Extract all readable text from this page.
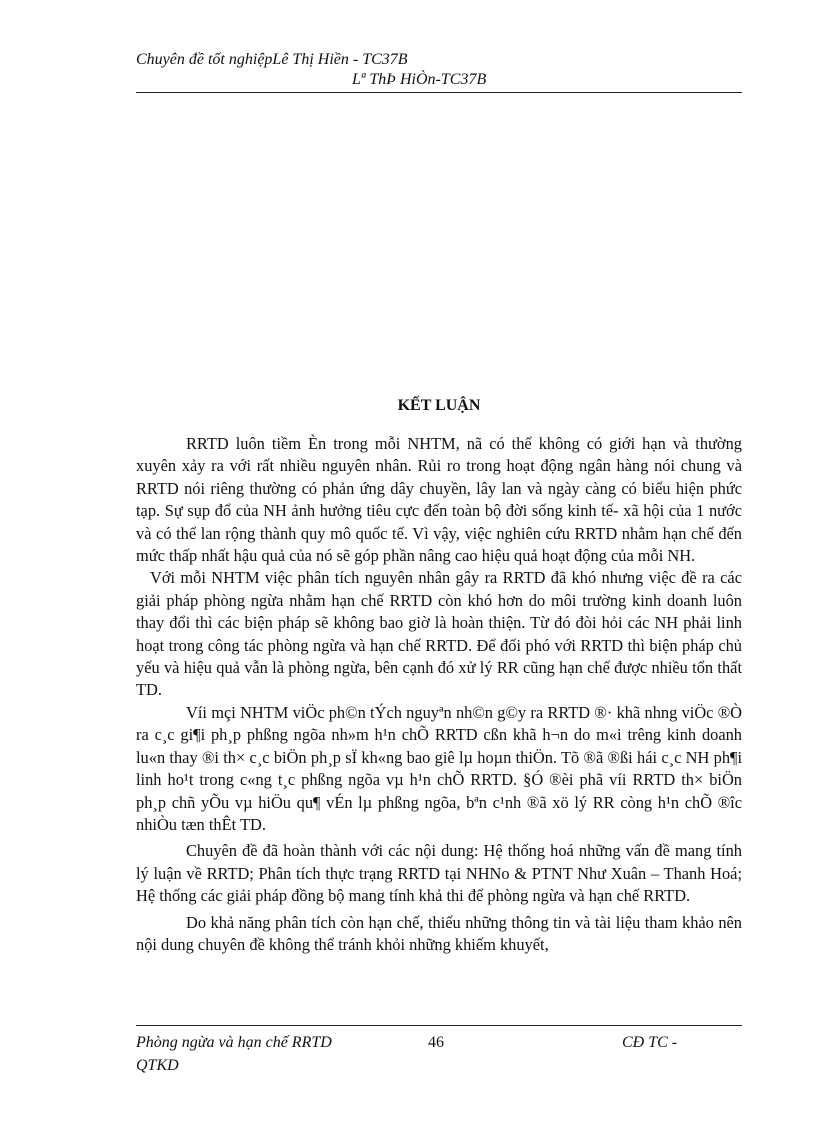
Chuyên đề tốt nghiệpLê Thị Hiền - TC37B
Lª ThÞ HiÒn-TC37B
KẾT LUẬN

RRTD luôn tiềm Èn trong mỗi NHTM, nã có thể không có giới hạn và thường xuyên xảy ra với rất nhiều nguyên nhân. Rủi ro trong hoạt động ngân hàng nói chung và RRTD nói riêng thường có phản ứng dây chuyền, lây lan và ngày càng có biểu hiện phức tạp. Sự sụp đổ của NH ảnh hưởng tiêu cực đến toàn bộ đời sống kinh tế- xã hội của 1 nước và có thể lan rộng thành quy mô quốc tế. Vì vậy, việc nghiên cứu RRTD nhằm hạn chế đến mức thấp nhất hậu quả của nó sẽ góp phần nâng cao hiệu quả hoạt động của mỗi NH.

Với mỗi NHTM việc phân tích nguyên nhân gây ra RRTD đã khó nhưng việc đề ra các giải pháp phòng ngừa nhằm hạn chế RRTD còn khó hơn do môi trường kinh doanh luôn thay đổi thì các biện pháp sẽ không bao giờ là hoàn thiện. Từ đó đòi hỏi các NH phải linh hoạt trong công tác phòng ngừa và hạn chế RRTD. Để đối phó với RRTD thì biện pháp chủ yếu và hiệu quả vẫn là phòng ngừa, bên cạnh đó xử lý RR cũng hạn chế được nhiều tổn thất TD.

Víi mçi NHTM viÖc ph©n tÝch nguyªn nh©n g©y ra RRTD ®· khã nhng viÖc ®Ò ra c¸c gi¶i ph¸p phßng ngõa nh»m h¹n chÕ RRTD cßn khã h¬n do m«i trêng kinh doanh lu«n thay ®i th× c¸c biÖn ph¸p sÏ kh«ng bao giê lµ hoµn thiÖn. Tõ ®ã ®ßi hái c¸c NH ph¶i linh ho¹t trong c«ng t¸c phßng ngõa vµ h¹n chÕ RRTD. §Ó ®èi phã víi RRTD th× biÖn ph¸p chñ yÕu vµ hiÖu qu¶ vÉn lµ phßng ngõa, bªn c¹nh ®ã xö lý RR còng h¹n chÕ ®îc nhiÒu tæn thÊt TD.

Chuyên đề đã hoàn thành với các nội dung: Hệ thống hoá những vấn đề mang tính lý luận về RRTD; Phân tích thực trạng RRTD tại NHNo & PTNT Như Xuân – Thanh Hoá; Hệ thống các giải pháp đồng bộ mang tính khả thi để phòng ngừa và hạn chế RRTD.

Do khả năng phân tích còn hạn chế, thiếu những thông tin và tài liệu tham khảo nên nội dung chuyên đề không thể tránh khỏi những khiếm khuyết,

Phòng ngừa và hạn chế RRTD	46	CĐ TC -
QTKD
